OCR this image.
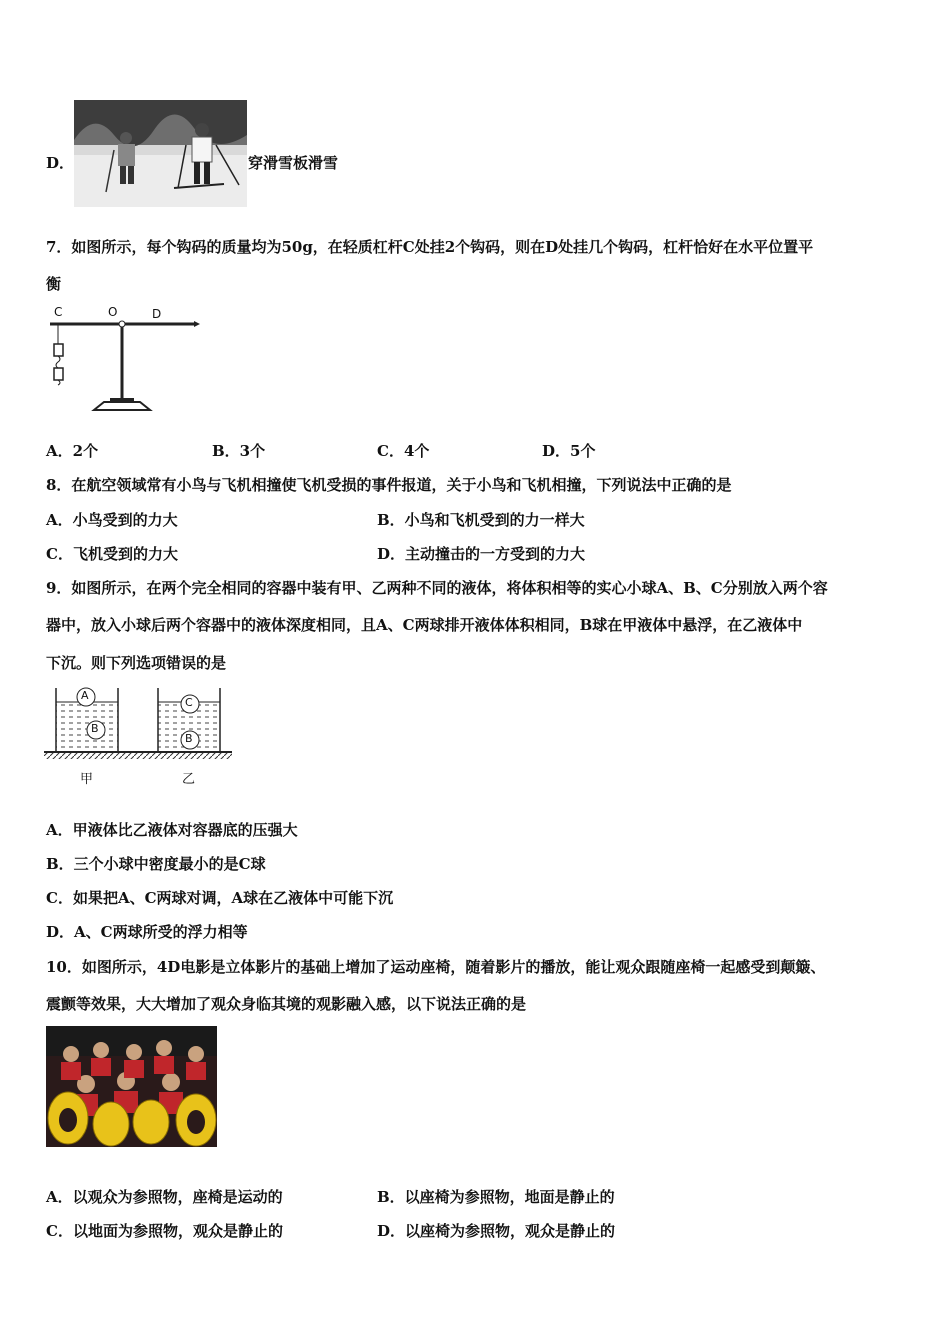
D．	穿滑雪板滑雪
7．如图所示，每个钩码的质量均为50g，在轻质杠杆C处挂2个钩码，则在D处挂几个钩码，杠杆恰好在水平位置平
衡
C	O	D
A．2个	B．3个	C．4个	D．5个
8．在航空领域常有小鸟与飞机相撞使飞机受损的事件报道，关于小鸟和飞机相撞，下列说法中正确的是
A．小鸟受到的力大	B．小鸟和飞机受到的力一样大
C．飞机受到的力大	D．主动撞击的一方受到的力大
9．如图所示，在两个完全相同的容器中装有甲、乙两种不同的液体，将体积相等的实心小球A、B、C分别放入两个容
器中，放入小球后两个容器中的液体深度相同，且A、C两球排开液体体积相同，B球在甲液体中悬浮，在乙液体中
下沉。则下列选项错误的是
A
B
C
B
甲	乙
A．甲液体比乙液体对容器底的压强大
B．三个小球中密度最小的是C球
C．如果把A、C两球对调，A球在乙液体中可能下沉
D．A、C两球所受的浮力相等
10．如图所示，4D电影是立体影片的基础上增加了运动座椅，随着影片的播放，能让观众跟随座椅一起感受到颠簸、
震颤等效果，大大增加了观众身临其境的观影融入感，以下说法正确的是
A．以观众为参照物，座椅是运动的	B．以座椅为参照物，地面是静止的
C．以地面为参照物，观众是静止的	D．以座椅为参照物，观众是静止的
